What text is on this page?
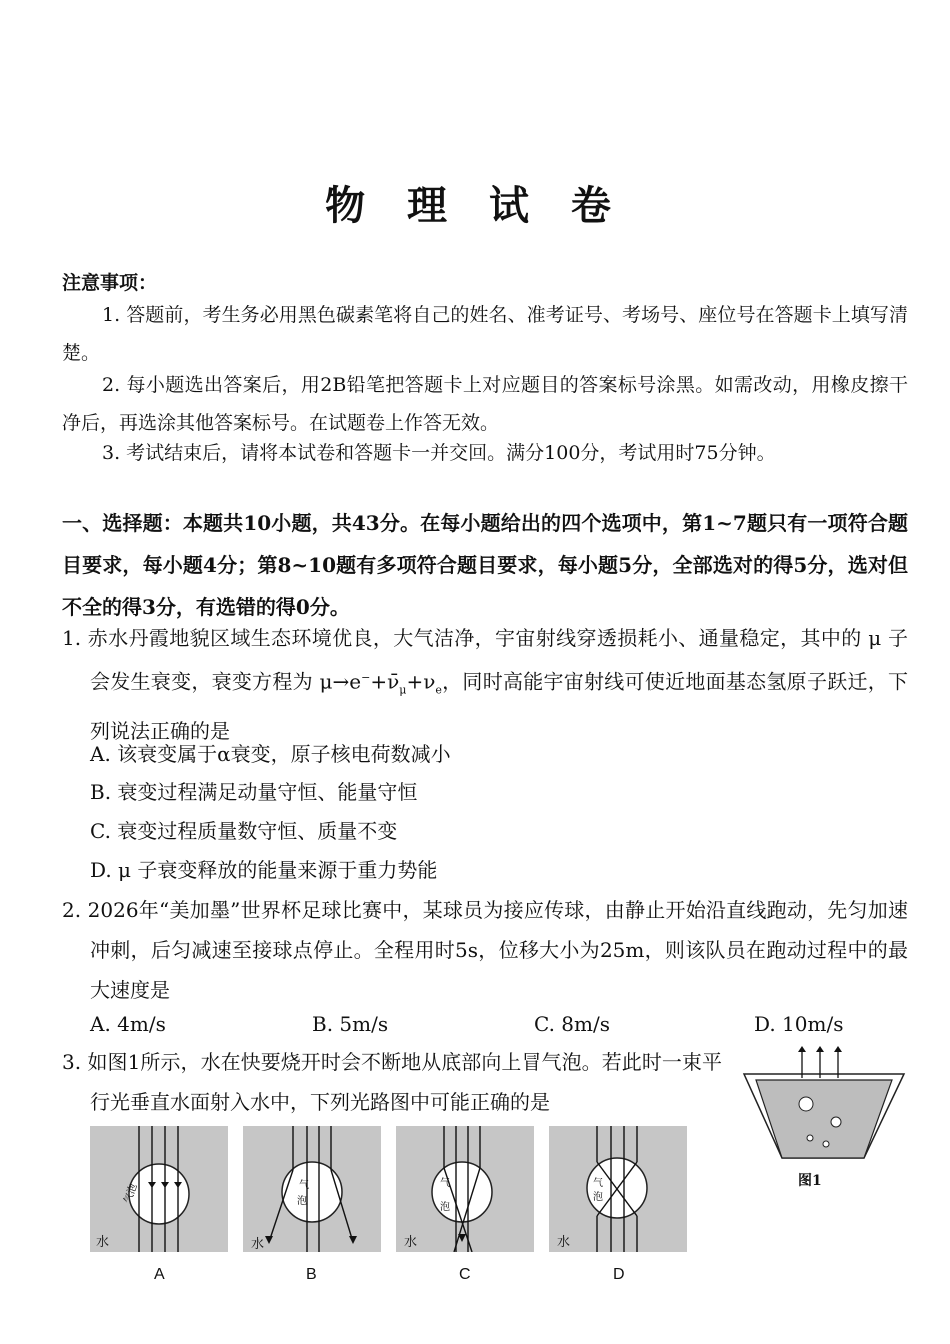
物 理 试 卷
注意事项：
1. 答题前，考生务必用黑色碳素笔将自己的姓名、准考证号、考场号、座位号在答题卡上填写清楚。
2. 每小题选出答案后，用2B铅笔把答题卡上对应题目的答案标号涂黑。如需改动，用橡皮擦干净后，再选涂其他答案标号。在试题卷上作答无效。
3. 考试结束后，请将本试卷和答题卡一并交回。满分100分，考试用时75分钟。
一、选择题：本题共10小题，共43分。在每小题给出的四个选项中，第1~7题只有一项符合题目要求，每小题4分；第8~10题有多项符合题目要求，每小题5分，全部选对的得5分，选对但不全的得3分，有选错的得0分。
1. 赤水丹霞地貌区域生态环境优良，大气洁净，宇宙射线穿透损耗小、通量稳定，其中的 μ 子会发生衰变，衰变方程为 $\mu\to e^-+\nū_\mu+\nu_e$，同时高能宇宙射线可使近地面基态氢原子跃迁，下列说法正确的是
A. 该衰变属于α衰变，原子核电荷数减小
B. 衰变过程满足动量守恒、能量守恒
C. 衰变过程质量数守恒、质量不变
D. μ 子衰变释放的能量来源于重力势能
2. 2026年“美加墨”世界杯足球比赛中，某球员为接应传球，由静止开始沿直线跑动，先匀加速冲刺，后匀减速至接球点停止。全程用时5s，位移大小为25m，则该队员在跑动过程中的最大速度是
A. 4m/s	B. 5m/s	C. 8m/s	D. 10m/s
3. 如图1所示，水在快要烧开时会不断地从底部向上冒气泡。若此时一束平行光垂直水面射入水中，下列光路图中可能正确的是
图1
气泡
水
气
泡
水
气
泡
水
气
泡
水
A	B	C	D
